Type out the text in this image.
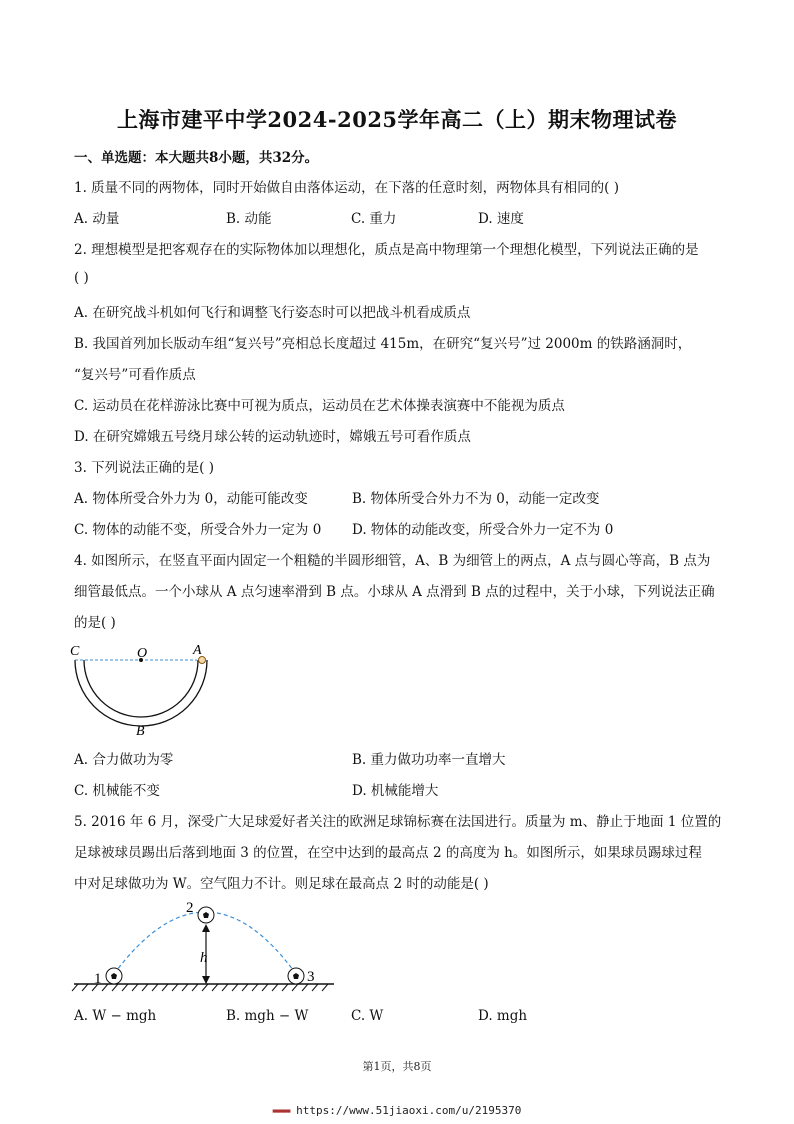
上海市建平中学2024-2025学年高二（上）期末物理试卷
一、单选题：本大题共8小题，共32分。
1. 质量不同的两物体，同时开始做自由落体运动，在下落的任意时刻，两物体具有相同的( )
A. 动量	B. 动能	C. 重力	D. 速度
2. 理想模型是把客观存在的实际物体加以理想化，质点是高中物理第一个理想化模型，下列说法正确的是
( )
A. 在研究战斗机如何飞行和调整飞行姿态时可以把战斗机看成质点
B. 我国首列加长版动车组“复兴号”亮相总长度超过 415m，在研究“复兴号”过 2000m 的铁路涵洞时，
“复兴号”可看作质点
C. 运动员在花样游泳比赛中可视为质点，运动员在艺术体操表演赛中不能视为质点
D. 在研究嫦娥五号绕月球公转的运动轨迹时，嫦娥五号可看作质点
3. 下列说法正确的是( )
A. 物体所受合外力为 0，动能可能改变	B. 物体所受合外力不为 0，动能一定改变
C. 物体的动能不变，所受合外力一定为 0 D. 物体的动能改变，所受合外力一定不为 0
4. 如图所示，在竖直平面内固定一个粗糙的半圆形细管，A、B 为细管上的两点，A 点与圆心等高，B 点为
细管最低点。一个小球从 A 点匀速率滑到 B 点。小球从 A 点滑到 B 点的过程中，关于小球，下列说法正确
的是( )
C	O	A
B
A. 合力做功为零	B. 重力做功功率一直增大
C. 机械能不变	D. 机械能增大
5. 2016 年 6 月，深受广大足球爱好者关注的欧洲足球锦标赛在法国进行。质量为 m、静止于地面 1 位置的
足球被球员踢出后落到地面 3 的位置，在空中达到的最高点 2 的高度为 h。如图所示，如果球员踢球过程
中对足球做功为 W。空气阻力不计。则足球在最高点 2 时的动能是( )
1
2
3
h
A. W − mgh	B. mgh − W	C. W	D. mgh
第1页，共8页
▬▬▬ https://www.51jiaoxi.com/u/2195370
